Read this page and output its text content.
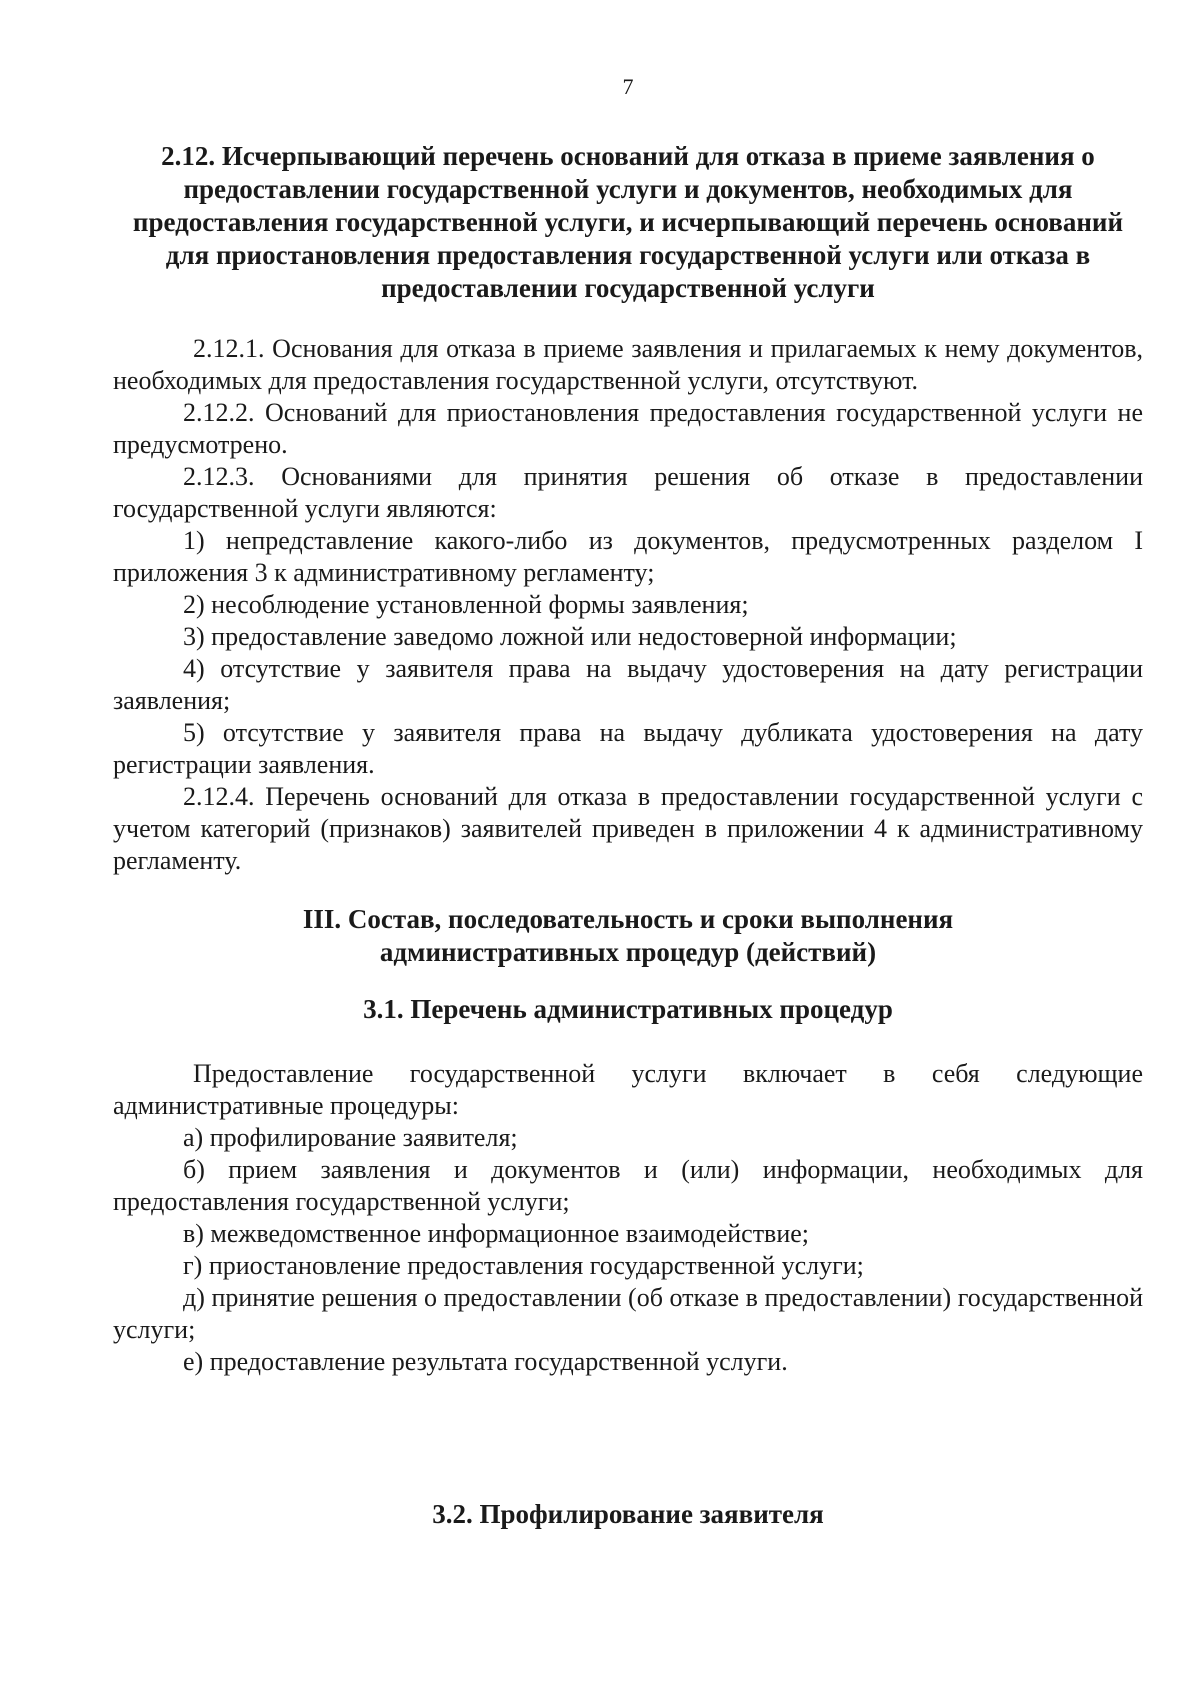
7
2.12. Исчерпывающий перечень оснований для отказа в приеме заявления о предоставлении государственной услуги и документов, необходимых для предоставления государственной услуги, и исчерпывающий перечень оснований для приостановления предоставления государственной услуги или отказа в предоставлении государственной услуги

2.12.1. Основания для отказа в приеме заявления и прилагаемых к нему документов, необходимых для предоставления государственной услуги, отсутствуют.

2.12.2. Оснований для приостановления предоставления государственной услуги не предусмотрено.

2.12.3. Основаниями для принятия решения об отказе в предоставлении государственной услуги являются:

1) непредставление какого-либо из документов, предусмотренных разделом I приложения 3 к административному регламенту;

2) несоблюдение установленной формы заявления;

3) предоставление заведомо ложной или недостоверной информации;

4) отсутствие у заявителя права на выдачу удостоверения на дату регистрации заявления;

5) отсутствие у заявителя права на выдачу дубликата удостоверения на дату регистрации заявления.

2.12.4. Перечень оснований для отказа в предоставлении государственной услуги с учетом категорий (признаков) заявителей приведен в приложении 4 к административному регламенту.

III. Состав, последовательность и сроки выполнения
административных процедур (действий)
3.1. Перечень административных процедур

Предоставление государственной услуги включает в себя следующие административные процедуры:

а) профилирование заявителя;

б) прием заявления и документов и (или) информации, необходимых для предоставления государственной услуги;

в) межведомственное информационное взаимодействие;

г) приостановление предоставления государственной услуги;

д) принятие решения о предоставлении (об отказе в предоставлении) государственной услуги;

е) предоставление результата государственной услуги.

3.2. Профилирование заявителя
